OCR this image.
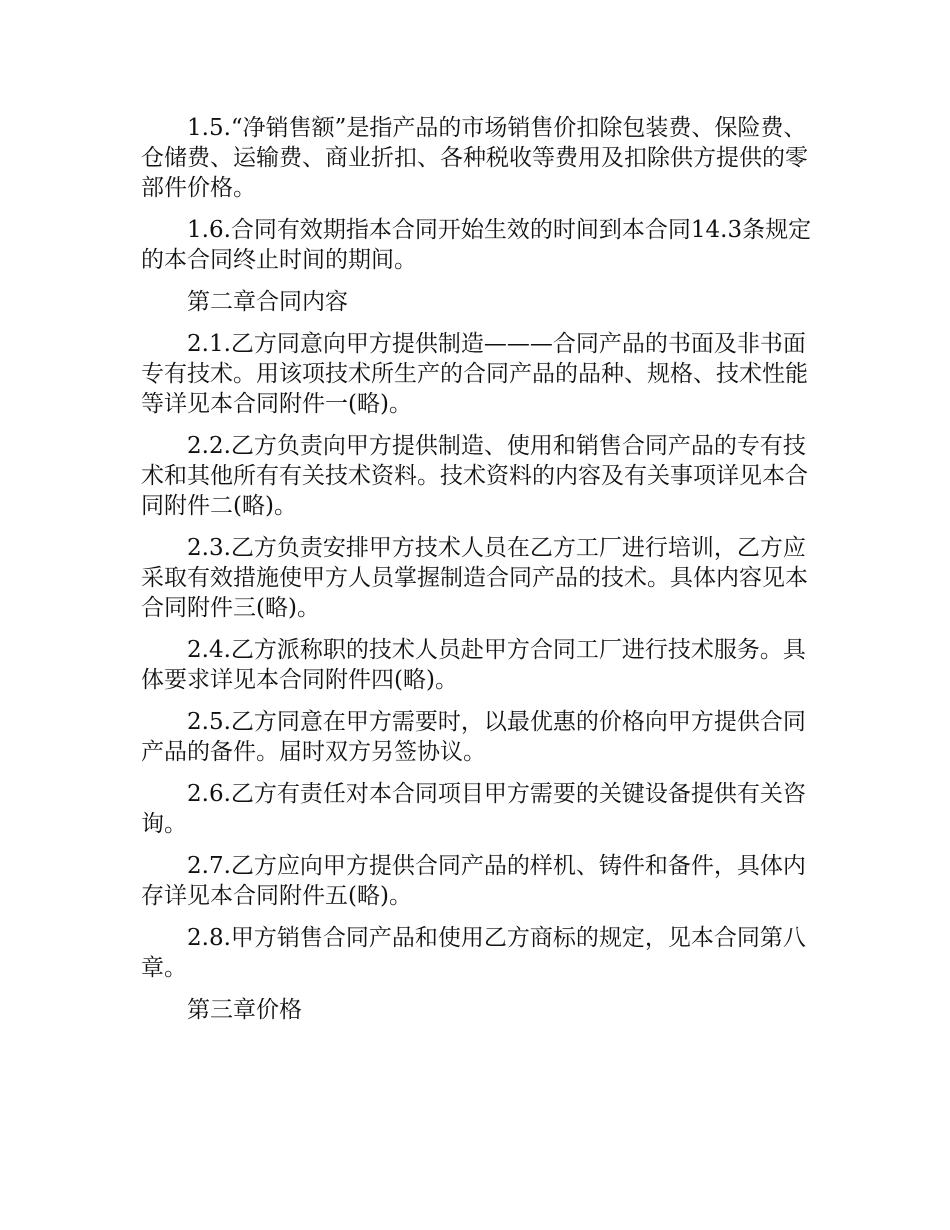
1.5.“净销售额”是指产品的市场销售价扣除包装费、保险费、仓储费、运输费、商业折扣、各种税收等费用及扣除供方提供的零部件价格。

1.6.合同有效期指本合同开始生效的时间到本合同14.3条规定的本合同终止时间的期间。

第二章合同内容

2.1.乙方同意向甲方提供制造———合同产品的书面及非书面专有技术。用该项技术所生产的合同产品的品种、规格、技术性能等详见本合同附件一(略)。

2.2.乙方负责向甲方提供制造、使用和销售合同产品的专有技术和其他所有有关技术资料。技术资料的内容及有关事项详见本合同附件二(略)。

2.3.乙方负责安排甲方技术人员在乙方工厂进行培训，乙方应采取有效措施使甲方人员掌握制造合同产品的技术。具体内容见本合同附件三(略)。

2.4.乙方派称职的技术人员赴甲方合同工厂进行技术服务。具体要求详见本合同附件四(略)。

2.5.乙方同意在甲方需要时，以最优惠的价格向甲方提供合同产品的备件。届时双方另签协议。

2.6.乙方有责任对本合同项目甲方需要的关键设备提供有关咨询。

2.7.乙方应向甲方提供合同产品的样机、铸件和备件，具体内存详见本合同附件五(略)。

2.8.甲方销售合同产品和使用乙方商标的规定，见本合同第八章。

第三章价格
